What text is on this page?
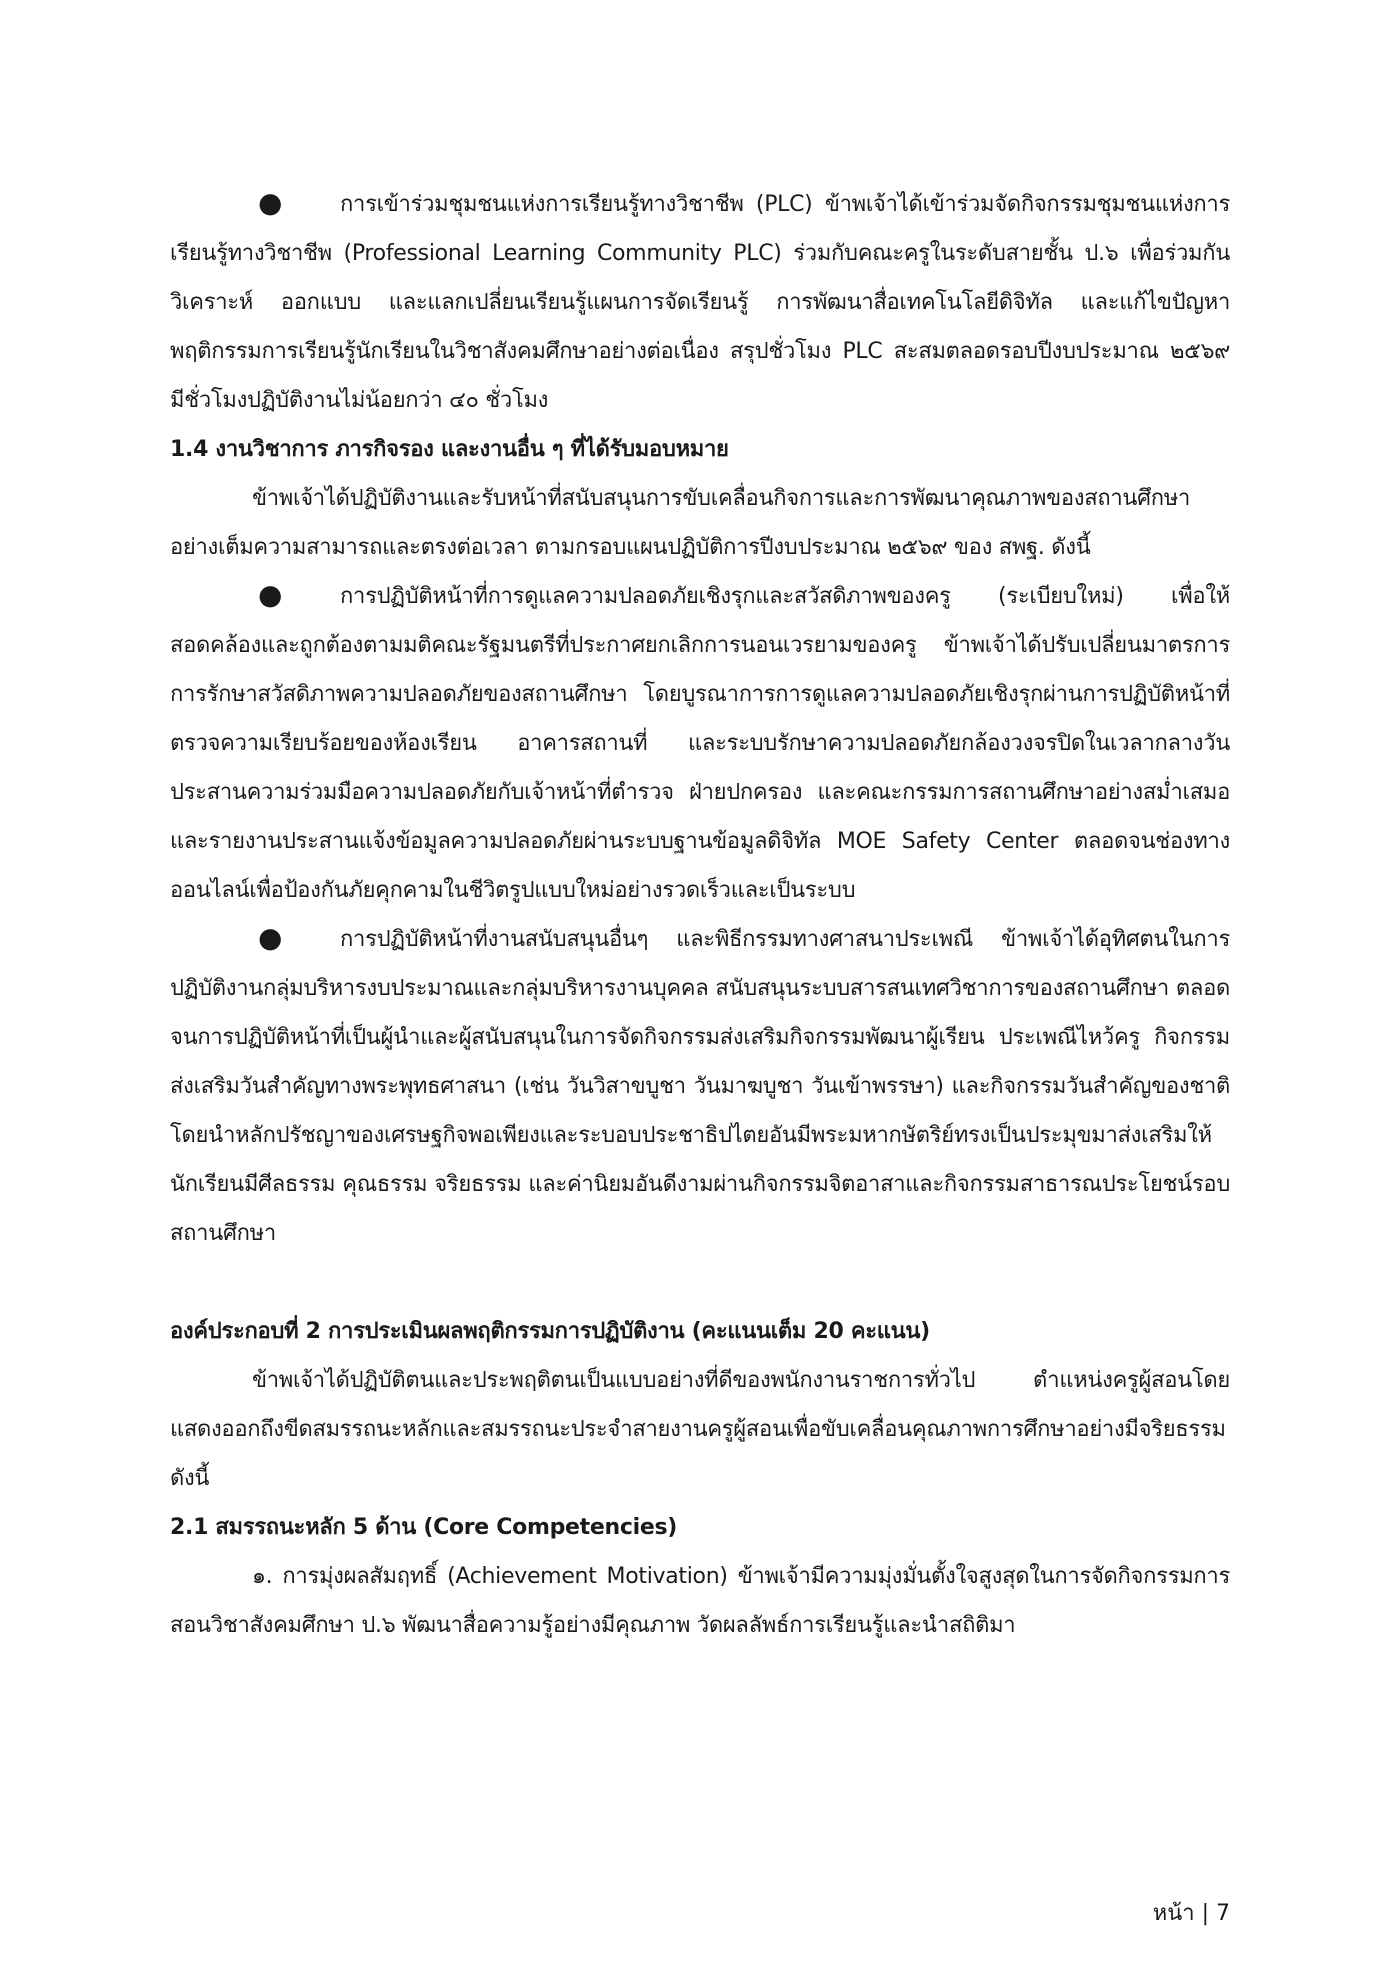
●	การเข้าร่วมชุมชนแห่งการเรียนรู้ทางวิชาชีพ (PLC) ข้าพเจ้าได้เข้าร่วมจัดกิจกรรมชุมชนแห่งการเรียนรู้ทางวิชาชีพ (Professional Learning Community PLC) ร่วมกับคณะครูในระดับสายชั้น ป.๖ เพื่อร่วมกันวิเคราะห์ ออกแบบ และแลกเปลี่ยนเรียนรู้แผนการจัดเรียนรู้ การพัฒนาสื่อเทคโนโลยีดิจิทัล และแก้ไขปัญหาพฤติกรรมการเรียนรู้นักเรียนในวิชาสังคมศึกษาอย่างต่อเนื่อง สรุปชั่วโมง PLC สะสมตลอดรอบปีงบประมาณ ๒๕๖๙ มีชั่วโมงปฏิบัติงานไม่น้อยกว่า ๔๐ ชั่วโมง

1.4 งานวิชาการ ภารกิจรอง และงานอื่น ๆ ที่ได้รับมอบหมาย

ข้าพเจ้าได้ปฏิบัติงานและรับหน้าที่สนับสนุนการขับเคลื่อนกิจการและการพัฒนาคุณภาพของสถานศึกษาอย่างเต็มความสามารถและตรงต่อเวลา ตามกรอบแผนปฏิบัติการปีงบประมาณ ๒๕๖๙ ของ สพฐ. ดังนี้

●	การปฏิบัติหน้าที่การดูแลความปลอดภัยเชิงรุกและสวัสดิภาพของครู (ระเบียบใหม่) เพื่อให้สอดคล้องและถูกต้องตามมติคณะรัฐมนตรีที่ประกาศยกเลิกการนอนเวรยามของครู ข้าพเจ้าได้ปรับเปลี่ยนมาตรการการรักษาสวัสดิภาพความปลอดภัยของสถานศึกษา โดยบูรณาการการดูแลความปลอดภัยเชิงรุกผ่านการปฏิบัติหน้าที่ตรวจความเรียบร้อยของห้องเรียน อาคารสถานที่ และระบบรักษาความปลอดภัยกล้องวงจรปิดในเวลากลางวัน ประสานความร่วมมือความปลอดภัยกับเจ้าหน้าที่ตำรวจ ฝ่ายปกครอง และคณะกรรมการสถานศึกษาอย่างสม่ำเสมอ และรายงานประสานแจ้งข้อมูลความปลอดภัยผ่านระบบฐานข้อมูลดิจิทัล MOE Safety Center ตลอดจนช่องทางออนไลน์เพื่อป้องกันภัยคุกคามในชีวิตรูปแบบใหม่อย่างรวดเร็วและเป็นระบบ

●	การปฏิบัติหน้าที่งานสนับสนุนอื่นๆ และพิธีกรรมทางศาสนาประเพณี ข้าพเจ้าได้อุทิศตนในการปฏิบัติงานกลุ่มบริหารงบประมาณและกลุ่มบริหารงานบุคคล สนับสนุนระบบสารสนเทศวิชาการของสถานศึกษา ตลอดจนการปฏิบัติหน้าที่เป็นผู้นำและผู้สนับสนุนในการจัดกิจกรรมส่งเสริมกิจกรรมพัฒนาผู้เรียน ประเพณีไหว้ครู กิจกรรมส่งเสริมวันสำคัญทางพระพุทธศาสนา (เช่น วันวิสาขบูชา วันมาฆบูชา วันเข้าพรรษา) และกิจกรรมวันสำคัญของชาติ โดยนำหลักปรัชญาของเศรษฐกิจพอเพียงและระบอบประชาธิปไตยอันมีพระมหากษัตริย์ทรงเป็นประมุขมาส่งเสริมให้นักเรียนมีศีลธรรม คุณธรรม จริยธรรม และค่านิยมอันดีงามผ่านกิจกรรมจิตอาสาและกิจกรรมสาธารณประโยชน์รอบสถานศึกษา

องค์ประกอบที่ 2 การประเมินผลพฤติกรรมการปฏิบัติงาน (คะแนนเต็ม 20 คะแนน)

ข้าพเจ้าได้ปฏิบัติตนและประพฤติตนเป็นแบบอย่างที่ดีของพนักงานราชการทั่วไป ตำแหน่งครูผู้สอนโดยแสดงออกถึงขีดสมรรถนะหลักและสมรรถนะประจำสายงานครูผู้สอนเพื่อขับเคลื่อนคุณภาพการศึกษาอย่างมีจริยธรรม ดังนี้

2.1 สมรรถนะหลัก 5 ด้าน (Core Competencies)

๑. การมุ่งผลสัมฤทธิ์ (Achievement Motivation) ข้าพเจ้ามีความมุ่งมั่นตั้งใจสูงสุดในการจัดกิจกรรมการสอนวิชาสังคมศึกษา ป.๖ พัฒนาสื่อความรู้อย่างมีคุณภาพ วัดผลลัพธ์การเรียนรู้และนำสถิติมา

หน้า | 7
